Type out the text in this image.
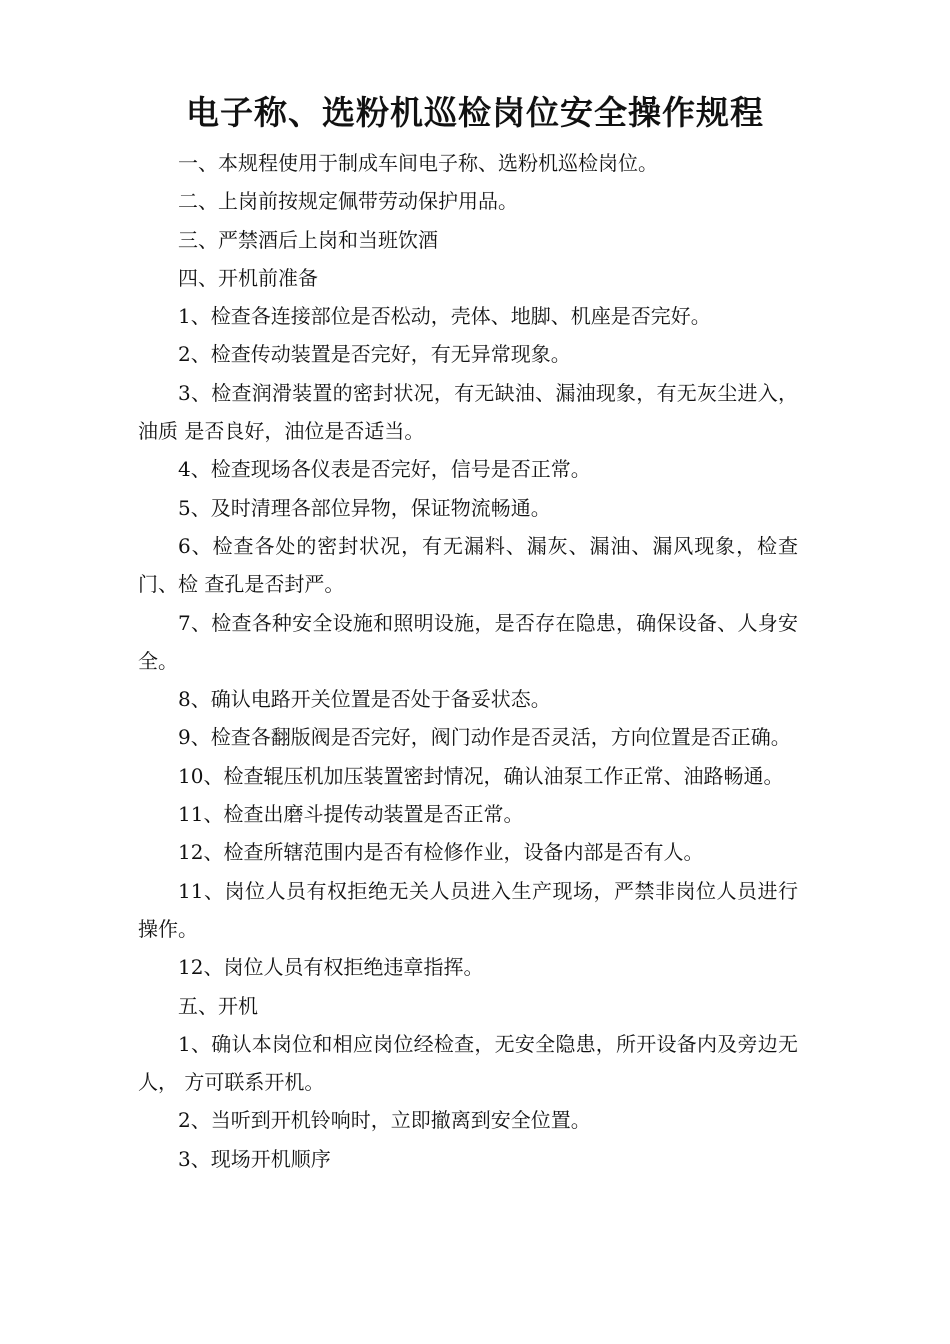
电子称、选粉机巡检岗位安全操作规程

一、本规程使用于制成车间电子称、选粉机巡检岗位。

二、上岗前按规定佩带劳动保护用品。

三、严禁酒后上岗和当班饮酒

四、开机前准备

1、检查各连接部位是否松动，壳体、地脚、机座是否完好。

2、检查传动装置是否完好，有无异常现象。

3、检查润滑装置的密封状况，有无缺油、漏油现象，有无灰尘进入，油质 是否良好，油位是否适当。

4、检查现场各仪表是否完好，信号是否正常。

5、及时清理各部位异物，保证物流畅通。

6、检查各处的密封状况，有无漏料、漏灰、漏油、漏风现象，检查门、检 查孔是否封严。

7、检查各种安全设施和照明设施，是否存在隐患，确保设备、人身安全。

8、确认电路开关位置是否处于备妥状态。

9、检查各翻版阀是否完好，阀门动作是否灵活，方向位置是否正确。

10、检查辊压机加压装置密封情况，确认油泵工作正常、油路畅通。

11、检查出磨斗提传动装置是否正常。

12、检查所辖范围内是否有检修作业，设备内部是否有人。

11、岗位人员有权拒绝无关人员进入生产现场，严禁非岗位人员进行操作。

12、岗位人员有权拒绝违章指挥。

五、开机

1、确认本岗位和相应岗位经检查，无安全隐患，所开设备内及旁边无人， 方可联系开机。

2、当听到开机铃响时，立即撤离到安全位置。

3、现场开机顺序
